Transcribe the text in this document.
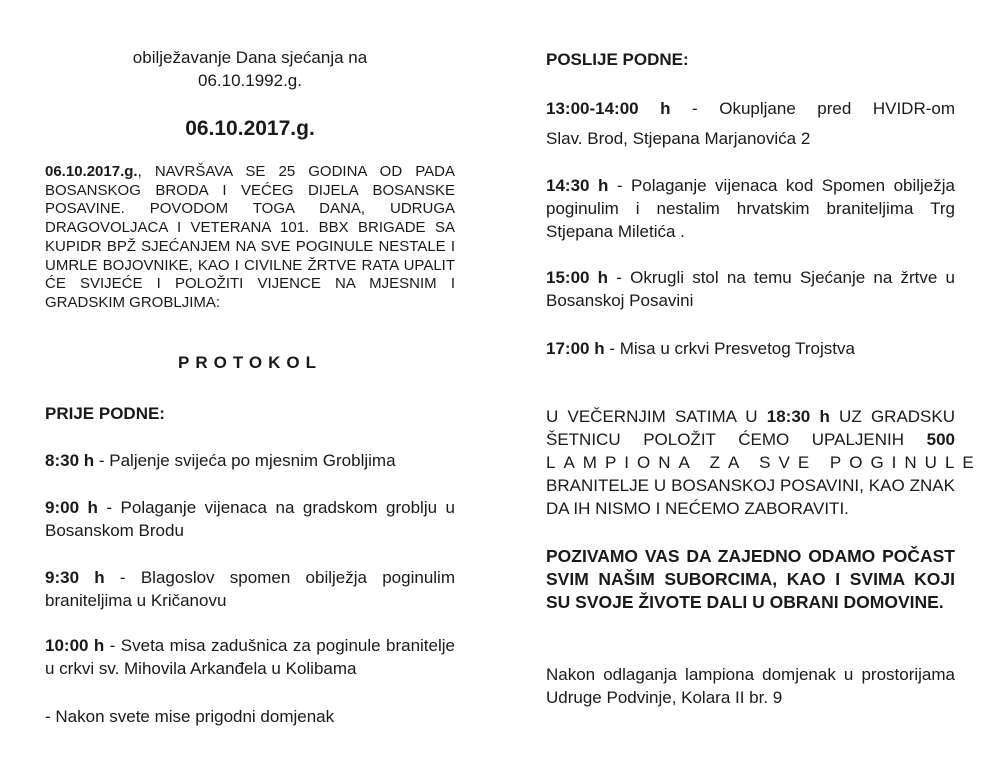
obilježavanje Dana sjećanja na
06.10.1992.g.

06.10.2017.g.

06.10.2017.g., NAVRŠAVA SE 25 GODINA OD PADA BOSANSKOG BRODA I VEĆEG DIJELA BOSANSKE POSAVINE. POVODOM TOGA DANA, UDRUGA DRAGOVOLJACA I VETERANA 101. BBX BRIGADE SA KUPIDR BPŽ SJEĆANJEM NA SVE POGINULE NESTALE I UMRLE BOJOVNIKE, KAO I CIVILNE ŽRTVE RATA UPALIT ĆE SVIJEĆE I POLOŽITI VIJENCE NA MJESNIM I GRADSKIM GROBLJIMA:

PROTOKOL

PRIJE PODNE:

8:30 h - Paljenje svijeća po mjesnim Grobljima

9:00 h - Polaganje vijenaca na gradskom groblju u Bosanskom Brodu

9:30 h - Blagoslov spomen obilježja poginulim braniteljima u Kričanovu

10:00 h - Sveta misa zadušnica za poginule branitelje u crkvi sv. Mihovila Arkanđela u Kolibama

- Nakon svete mise prigodni domjenak

POSLIJE PODNE:

13:00-14:00 h - Okupljane pred HVIDR-om
Slav. Brod, Stjepana Marjanovića 2

14:30 h - Polaganje vijenaca kod Spomen obilježja poginulim i nestalim hrvatskim braniteljima Trg Stjepana Miletića .

15:00 h - Okrugli stol na temu Sjećanje na žrtve u Bosanskoj Posavini

17:00 h - Misa u crkvi Presvetog Trojstva

U VEČERNJIM SATIMA U 18:30 h UZ GRADSKU ŠETNICU POLOŽIT ĆEMO UPALJENIH 500
LAMPIONA ZA SVE POGINULE
BRANITELJE U BOSANSKOJ POSAVINI, KAO ZNAK DA IH NISMO I NEĆEMO ZABORAVITI.

POZIVAMO VAS DA ZAJEDNO ODAMO POČAST SVIM NAŠIM SUBORCIMA, KAO I SVIMA KOJI SU SVOJE ŽIVOTE DALI U OBRANI DOMOVINE.

Nakon odlaganja lampiona domjenak u prostorijama Udruge Podvinje, Kolara II br. 9
